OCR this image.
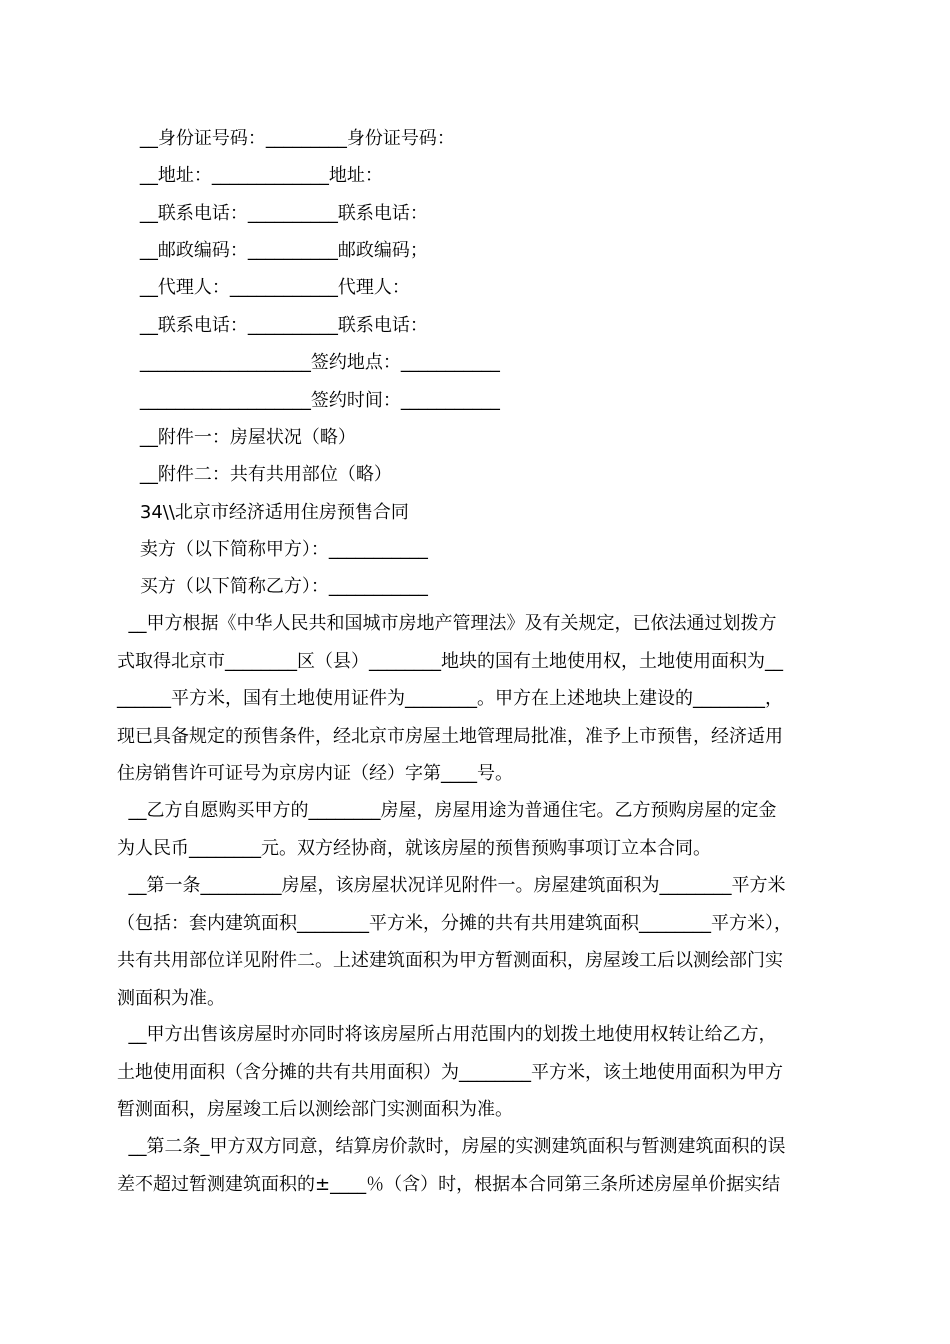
__身份证号码：_________身份证号码：
__地址：_____________地址：
__联系电话：__________联系电话：
__邮政编码：__________邮政编码；
__代理人：____________代理人：
__联系电话：__________联系电话：
___________________签约地点：___________
___________________签约时间：___________
__附件一：房屋状况（略）
__附件二：共有共用部位（略）
34\\北京市经济适用住房预售合同
卖方（以下简称甲方）：___________
买方（以下简称乙方）：___________
__甲方根据《中华人民共和国城市房地产管理法》及有关规定，已依法通过划拨方
式取得北京市________区（县）________地块的国有土地使用权，土地使用面积为__
______平方米，国有土地使用证件为________。甲方在上述地块上建设的________，
现已具备规定的预售条件，经北京市房屋土地管理局批准，准予上市预售，经济适用
住房销售许可证号为京房内证（经）字第____号。
__乙方自愿购买甲方的________房屋，房屋用途为普通住宅。乙方预购房屋的定金
为人民币________元。双方经协商，就该房屋的预售预购事项订立本合同。
__第一条_________房屋，该房屋状况详见附件一。房屋建筑面积为________平方米
（包括：套内建筑面积________平方米，分摊的共有共用建筑面积________平方米），
共有共用部位详见附件二。上述建筑面积为甲方暂测面积，房屋竣工后以测绘部门实
测面积为准。
__甲方出售该房屋时亦同时将该房屋所占用范围内的划拨土地使用权转让给乙方，
土地使用面积（含分摊的共有共用面积）为________平方米，该土地使用面积为甲方
暂测面积，房屋竣工后以测绘部门实测面积为准。
__第二条_甲方双方同意，结算房价款时，房屋的实测建筑面积与暂测建筑面积的误
差不超过暂测建筑面积的±____％（含）时，根据本合同第三条所述房屋单价据实结
